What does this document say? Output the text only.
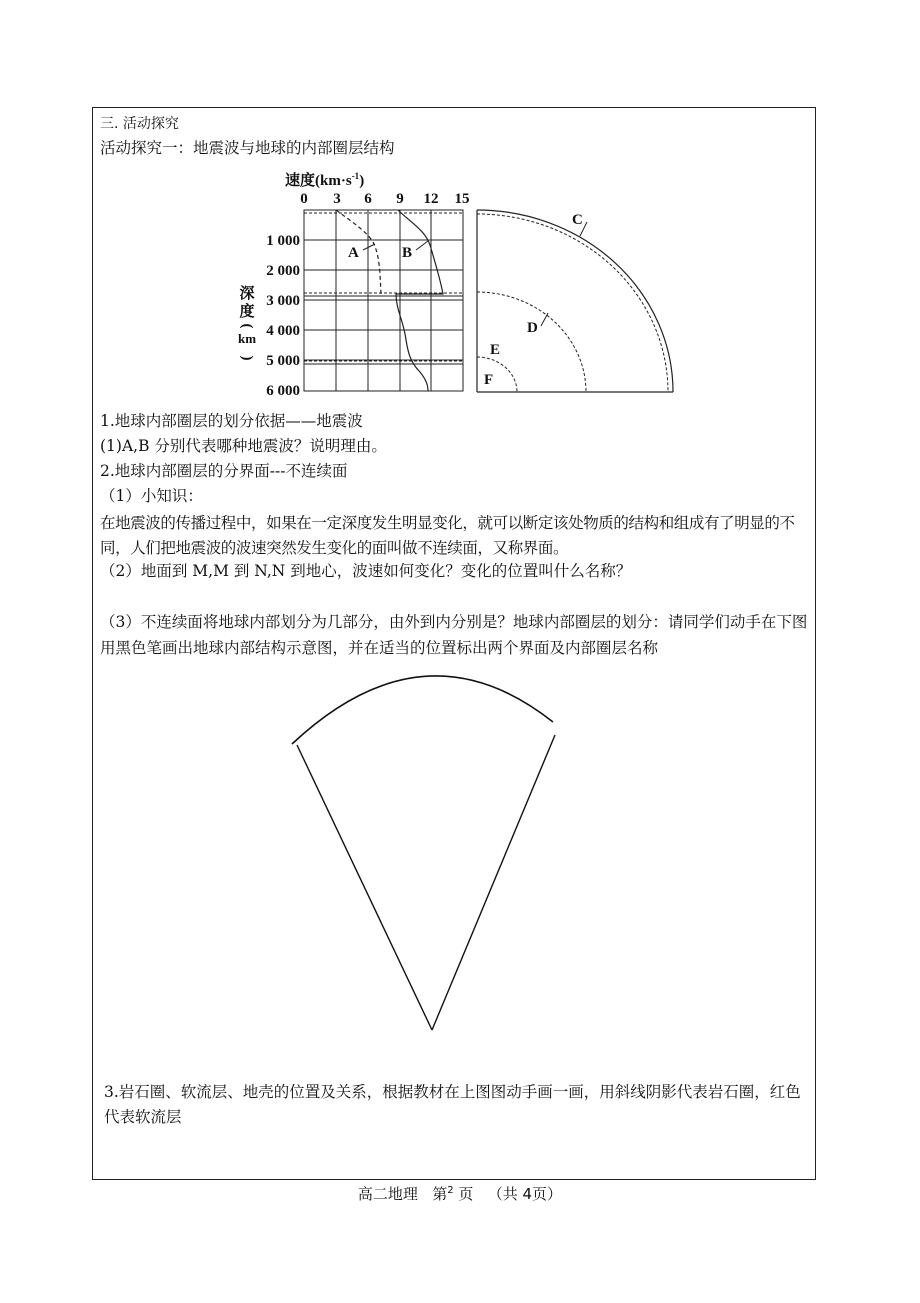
三. 活动探究
活动探究一：地震波与地球的内部圈层结构
速度$(km\cdot s^{-1})$
0 3 6 9 12 15
1 000
2 000
3 000
4 000
5 000
6 000
深
度
(
km
)
A	B
C
D
E
F
1.地球内部圈层的划分依据——地震波
(1)A,B 分别代表哪种地震波？说明理由。
2.地球内部圈层的分界面---不连续面
（1）小知识：
在地震波的传播过程中，如果在一定深度发生明显变化，就可以断定该处物质的结构和组成有了明显的不同，人们把地震波的波速突然发生变化的面叫做不连续面，又称界面。
（2）地面到 M,M 到 N,N 到地心，波速如何变化？变化的位置叫什么名称？
（3）不连续面将地球内部划分为几部分，由外到内分别是？地球内部圈层的划分：请同学们动手在下图用黑色笔画出地球内部结构示意图，并在适当的位置标出两个界面及内部圈层名称
3.岩石圈、软流层、地壳的位置及关系，根据教材在上图图动手画一画，用斜线阴影代表岩石圈，红色代表软流层
高二地理 第$^2$ 页 （共 4页）
